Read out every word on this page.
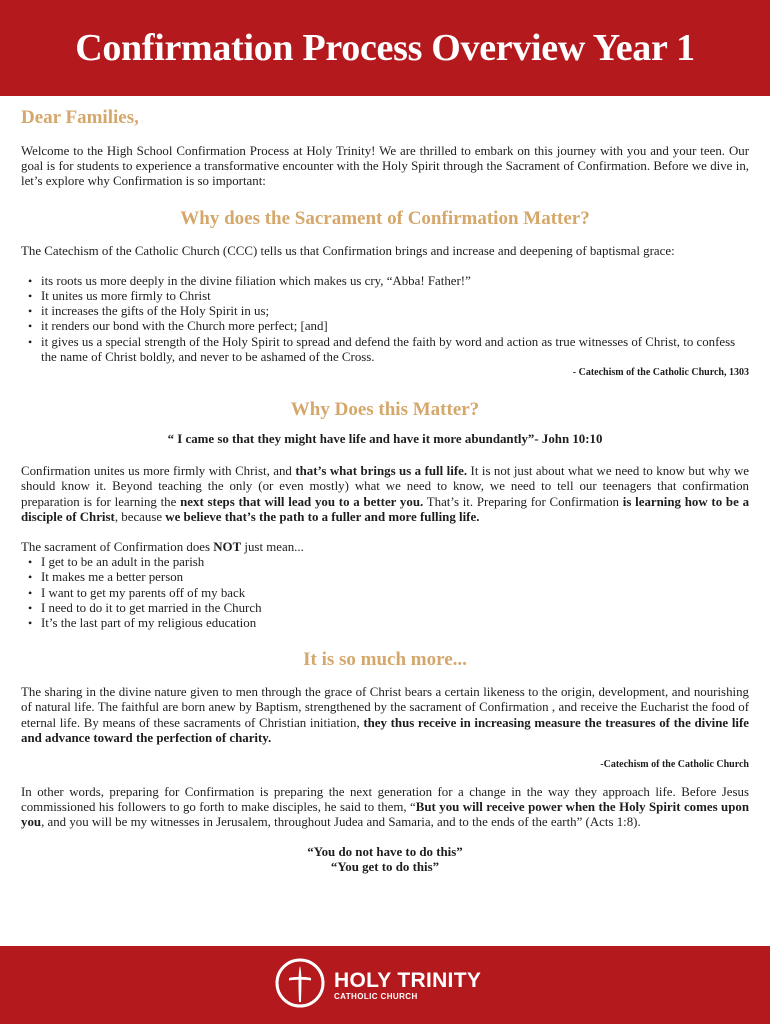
Confirmation Process Overview Year 1
Dear Families,

Welcome to the High School Confirmation Process at Holy Trinity! We are thrilled to embark on this journey with you and your teen. Our goal is for students to experience a transformative encounter with the Holy Spirit through the Sacrament of Confirmation. Before we dive in, let’s explore why Confirmation is so important:

Why does the Sacrament of Confirmation Matter?

The Catechism of the Catholic Church (CCC) tells us that Confirmation brings and increase and deepening of baptismal grace:

• its roots us more deeply in the divine filiation which makes us cry, “Abba! Father!”
• It unites us more firmly to Christ
• it increases the gifts of the Holy Spirit in us;
• it renders our bond with the Church more perfect; [and]
• it gives us a special strength of the Holy Spirit to spread and defend the faith by word and action as true witnesses of Christ, to confess the name of Christ boldly, and never to be ashamed of the Cross.
- Catechism of the Catholic Church, 1303
Why Does this Matter?
“ I came so that they might have life and have it more abundantly”- John 10:10

Confirmation unites us more firmly with Christ, and that’s what brings us a full life. It is not just about what we need to know but why we should know it. Beyond teaching the only (or even mostly) what we need to know, we need to tell our teenagers that confirmation preparation is for learning the next steps that will lead you to a better you. That’s it. Preparing for Confirmation is learning how to be a disciple of Christ, because we believe that’s the path to a fuller and more fulling life.

The sacrament of Confirmation does NOT just mean...

• I get to be an adult in the parish
• It makes me a better person
• I want to get my parents off of my back
• I need to do it to get married in the Church
• It’s the last part of my religious education
It is so much more...

The sharing in the divine nature given to men through the grace of Christ bears a certain likeness to the origin, development, and nourishing of natural life. The faithful are born anew by Baptism, strengthened by the sacrament of Confirmation , and receive the Eucharist the food of eternal life. By means of these sacraments of Christian initiation, they thus receive in increasing measure the treasures of the divine life and advance toward the perfection of charity.

-Catechism of the Catholic Church

In other words, preparing for Confirmation is preparing the next generation for a change in the way they approach life. Before Jesus commissioned his followers to go forth to make disciples, he said to them, “But you will receive power when the Holy Spirit comes upon you, and you will be my witnesses in Jerusalem, throughout Judea and Samaria, and to the ends of the earth” (Acts 1:8).

“You do not have to do this”
“You get to do this”
HOLY TRINITY
CATHOLIC CHURCH
